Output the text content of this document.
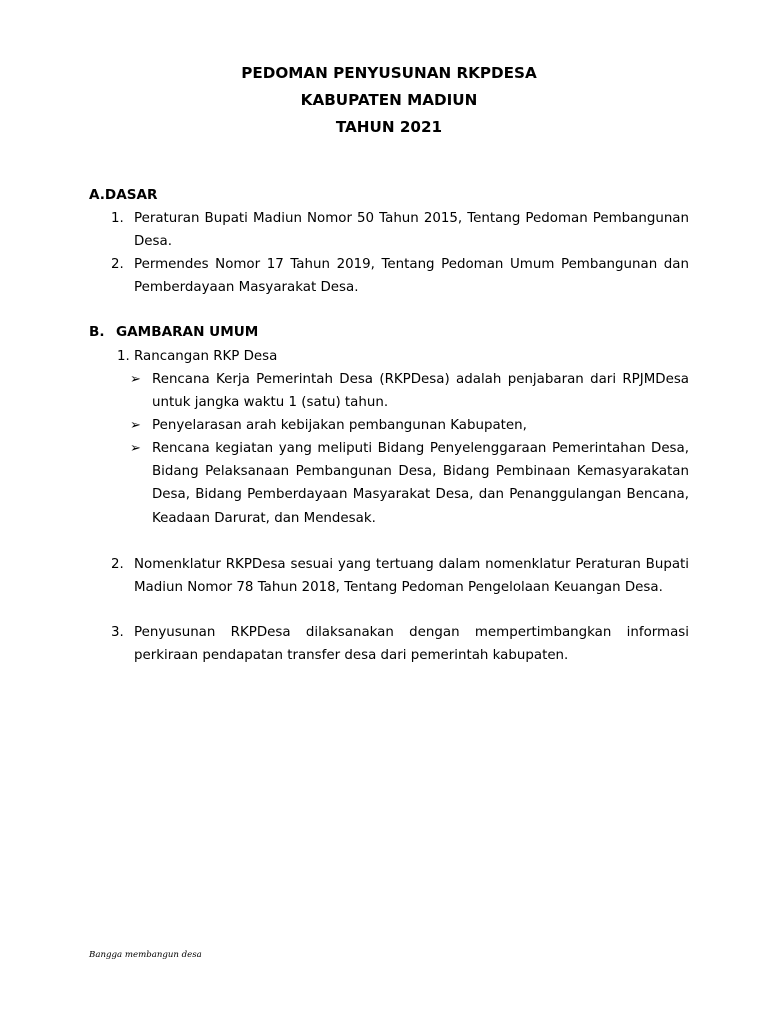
PEDOMAN PENYUSUNAN RKPDESA
KABUPATEN MADIUN
TAHUN 2021
A.DASAR
1. Peraturan Bupati Madiun Nomor 50 Tahun 2015, Tentang Pedoman Pembangunan Desa.
2. Permendes Nomor 17 Tahun 2019, Tentang Pedoman Umum Pembangunan dan Pemberdayaan Masyarakat Desa.
B. GAMBARAN UMUM
1. Rancangan RKP Desa
➢ Rencana Kerja Pemerintah Desa (RKPDesa) adalah penjabaran dari RPJMDesa untuk jangka waktu 1 (satu) tahun.
➢ Penyelarasan arah kebijakan pembangunan Kabupaten,
➢ Rencana kegiatan yang meliputi Bidang Penyelenggaraan Pemerintahan Desa, Bidang Pelaksanaan Pembangunan Desa, Bidang Pembinaan Kemasyarakatan Desa, Bidang Pemberdayaan Masyarakat Desa, dan Penanggulangan Bencana, Keadaan Darurat, dan Mendesak.
2. Nomenklatur RKPDesa sesuai yang tertuang dalam nomenklatur Peraturan Bupati Madiun Nomor 78 Tahun 2018, Tentang Pedoman Pengelolaan Keuangan Desa.
3. Penyusunan RKPDesa dilaksanakan dengan mempertimbangkan informasi perkiraan pendapatan transfer desa dari pemerintah kabupaten.
Bangga membangun desa
